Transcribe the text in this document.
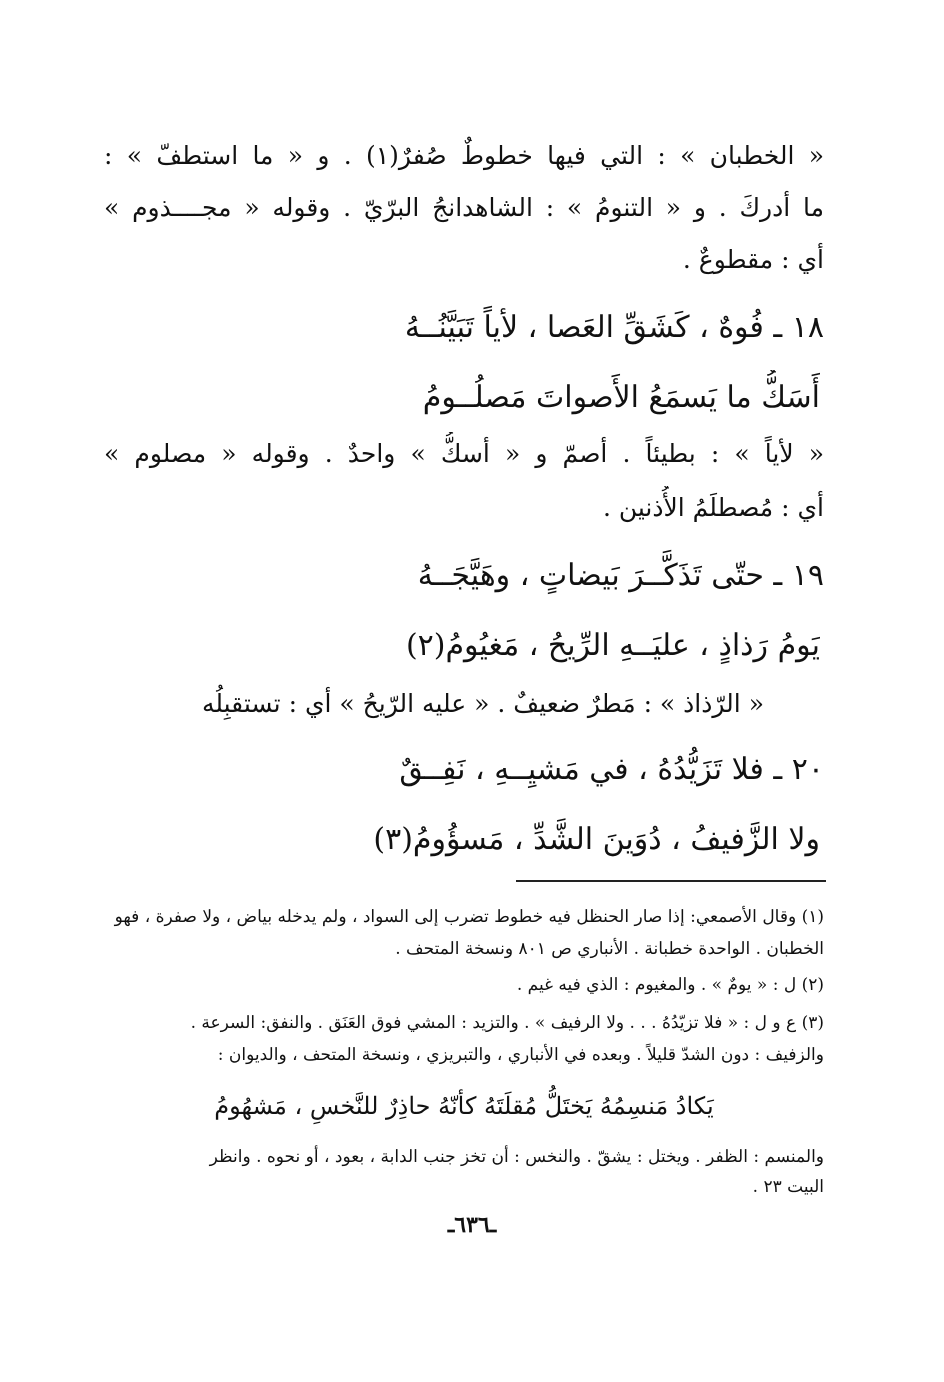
« الخطبان » : التي فيها خطوطٌ صُفرٌ(١) . و « ما استطفّ » :
ما أدركَ . و « التنومُ » : الشاهدانجُ البرّيّ . وقوله « مجــــذوم »
أي : مقطوعٌ .
١٨ ـ فُوهٌ ، كَشَقِّ العَصا ، لأياً تَبَيَّنُــهُ
أَسَكُّ ما يَسمَعُ الأَصواتَ مَصلُــومُ
« لأياً » : بطيئاً . أصمّ و « أسكُّ » واحدٌ . وقوله « مصلوم »
أي : مُصطلَمُ الأُذنين .
١٩ ـ حتّى تَذَكَّــرَ بَيضاتٍ ، وهَيَّجَــهُ
يَومُ رَذاذٍ ، عليَــهِ الرِّيحُ ، مَغيُومُ(٢)
« الرّذاذ » : مَطرٌ ضعيفٌ . « عليه الرّيحُ » أي : تستقبِلُه
٢٠ ـ فلا تَزَيُّدُهُ ، في مَشيِــهِ ، نَفِــقٌ
ولا الزَّفيفُ ، دُوَينَ الشَّدِّ ، مَسؤُومُ(٣)
(١) وقال الأصمعي: إذا صار الحنظل فيه خطوط تضرب إلى السواد ، ولم يدخله بياض ، ولا صفرة ، فهو
الخطبان . الواحدة خطبانة . الأنباري ص ٨٠١ ونسخة المتحف .
(٢) ل : « يومٌ » . والمغيوم : الذي فيه غيم .
(٣) ع و ل : « فلا تزيّدُهُ . . . ولا الرفيف » . والتزيد : المشي فوق العَنَق . والنفق: السرعة .
والزفيف : دون الشدّ قليلاً . وبعده في الأنباري ، والتبريزي ، ونسخة المتحف ، والديوان :
يَكادُ مَنسِمُهُ يَختَلُّ مُقلَتَهُ كأنّهُ حاذِرٌ للنَّخسِ ، مَشهُومُ
والمنسم : الظفر . ويختل : يشقّ . والنخس : أن تخز جنب الدابة ، بعود ، أو نحوه . وانظر
البيت ٢٣ .
ـ٦٣٦ـ
